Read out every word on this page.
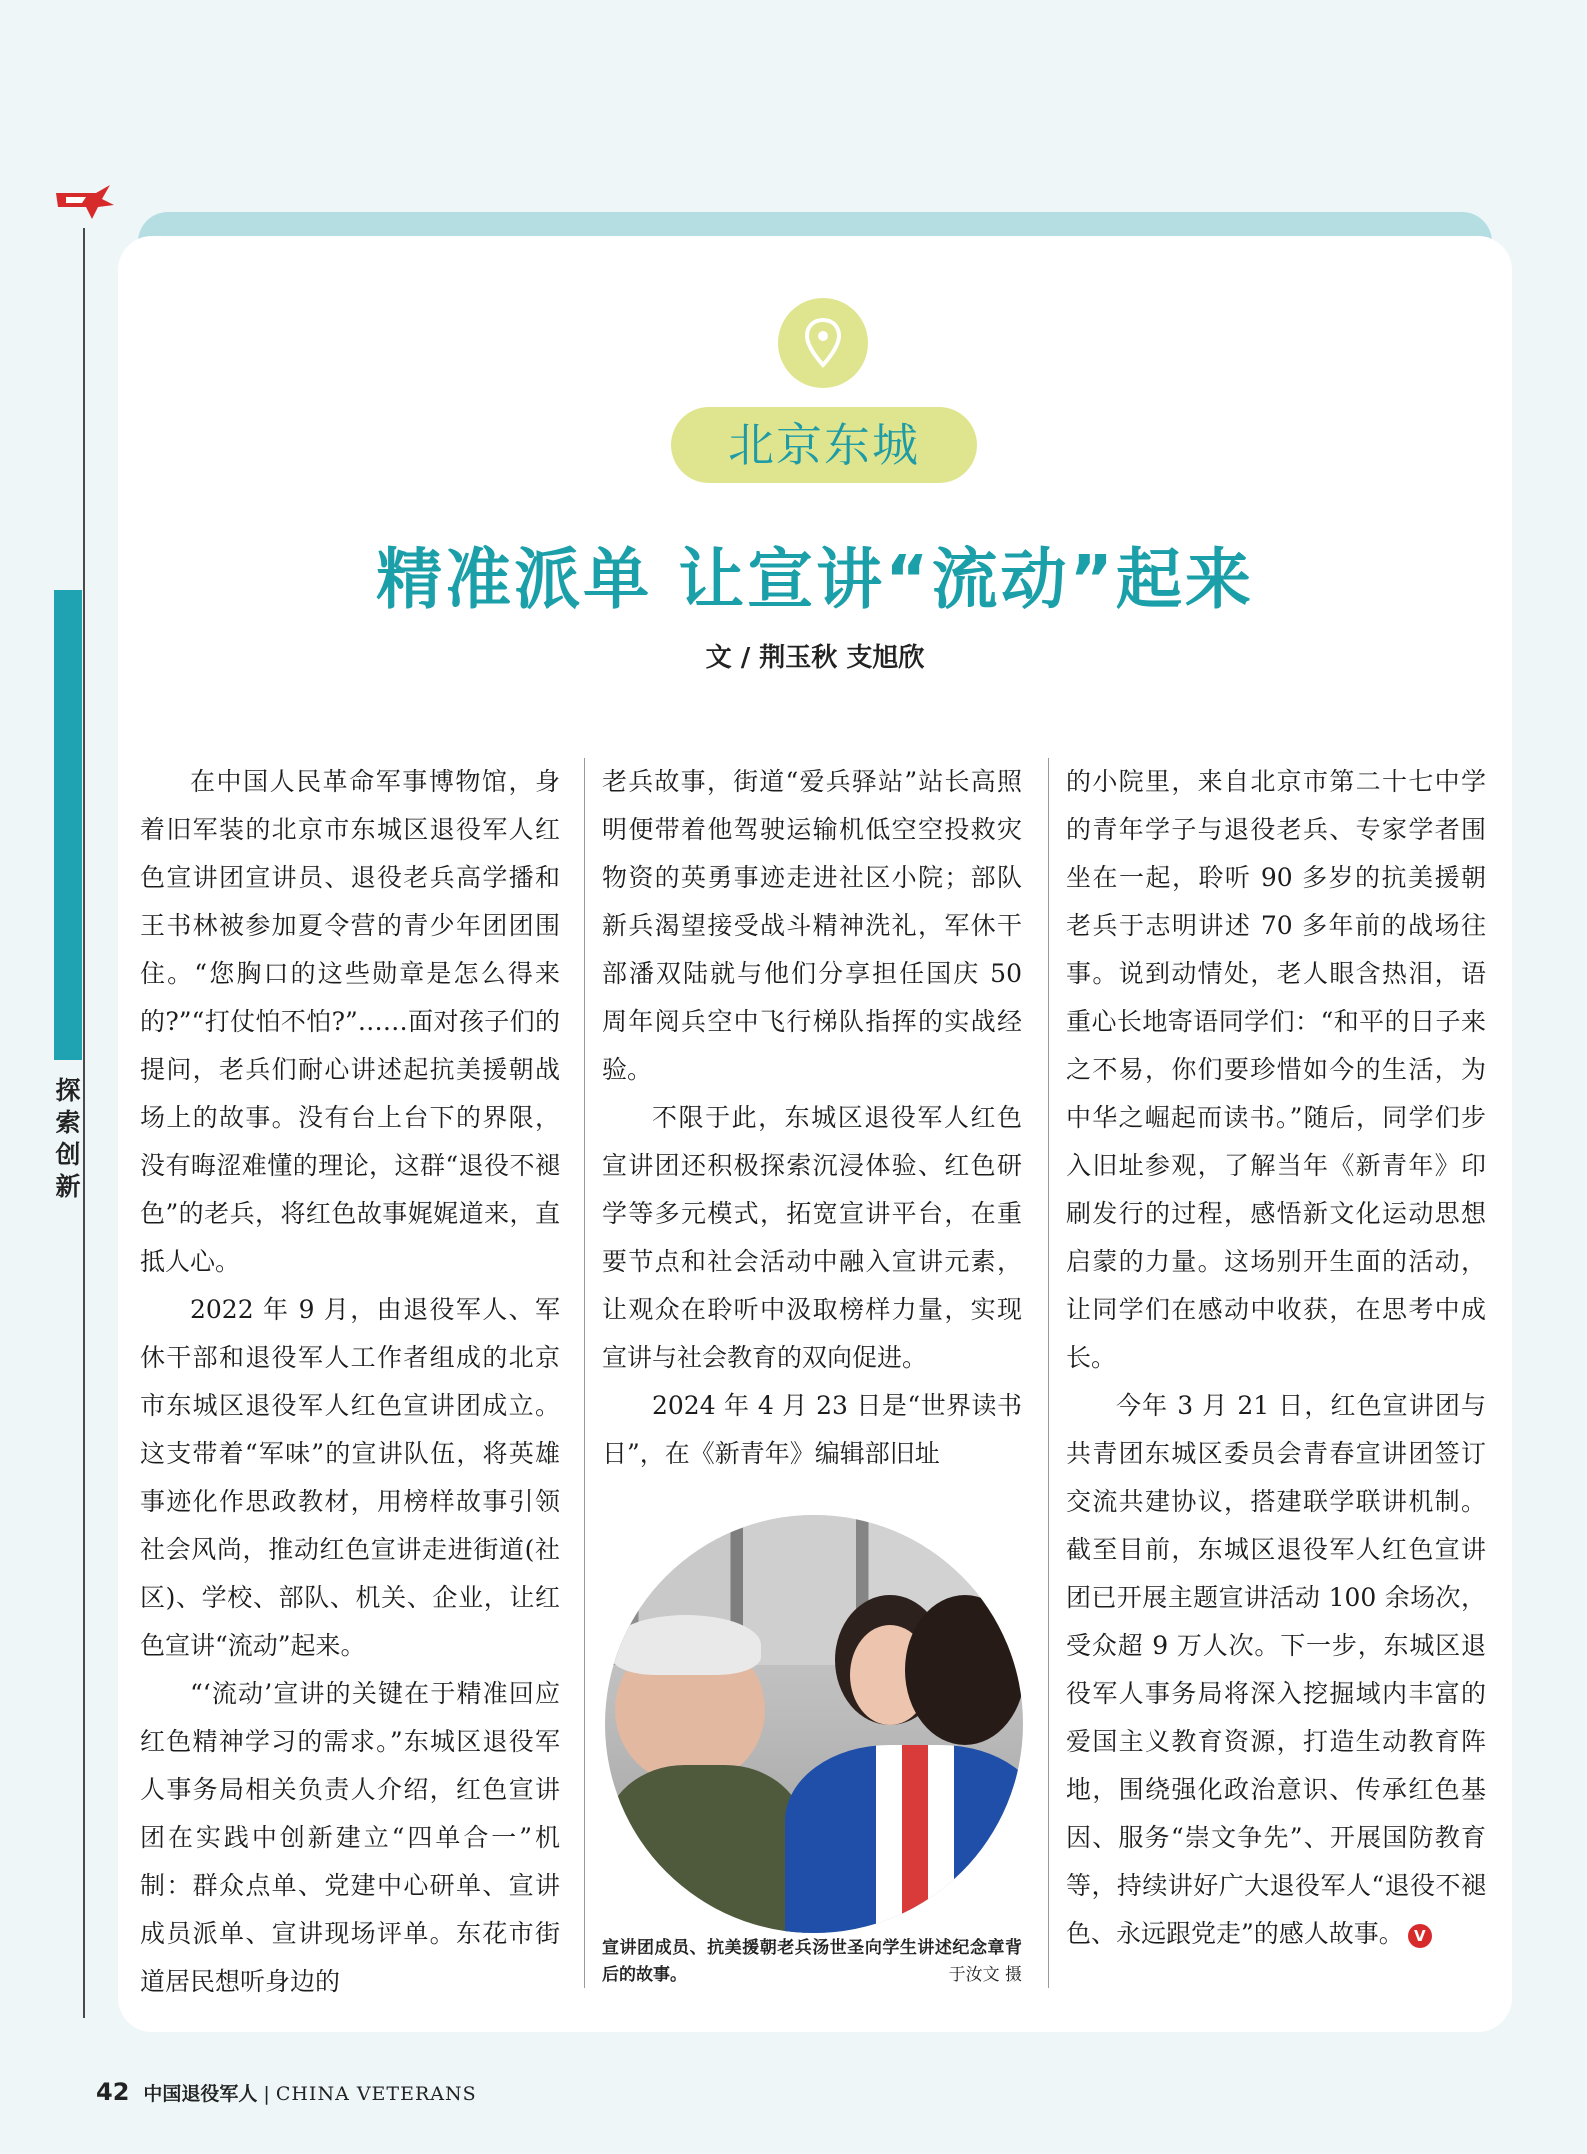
探
索
创
新
北京东城
精准派单 让宣讲“流动”起来
文 / 荆玉秋 支旭欣

在中国人民革命军事博物馆，身着旧军装的北京市东城区退役军人红色宣讲团宣讲员、退役老兵高学播和王书林被参加夏令营的青少年团团围住。“您胸口的这些勋章是怎么得来的?”“打仗怕不怕?”……面对孩子们的提问，老兵们耐心讲述起抗美援朝战场上的故事。没有台上台下的界限，没有晦涩难懂的理论，这群“退役不褪色”的老兵，将红色故事娓娓道来，直抵人心。

2022 年 9 月，由退役军人、军休干部和退役军人工作者组成的北京市东城区退役军人红色宣讲团成立。这支带着“军味”的宣讲队伍，将英雄事迹化作思政教材，用榜样故事引领社会风尚，推动红色宣讲走进街道(社区)、学校、部队、机关、企业，让红色宣讲“流动”起来。

“‘流动’宣讲的关键在于精准回应红色精神学习的需求。”东城区退役军人事务局相关负责人介绍，红色宣讲团在实践中创新建立“四单合一”机制：群众点单、党建中心研单、宣讲成员派单、宣讲现场评单。东花市街道居民想听身边的

老兵故事，街道“爱兵驿站”站长高照明便带着他驾驶运输机低空空投救灾物资的英勇事迹走进社区小院；部队新兵渴望接受战斗精神洗礼，军休干部潘双陆就与他们分享担任国庆 50 周年阅兵空中飞行梯队指挥的实战经验。

不限于此，东城区退役军人红色宣讲团还积极探索沉浸体验、红色研学等多元模式，拓宽宣讲平台，在重要节点和社会活动中融入宣讲元素，让观众在聆听中汲取榜样力量，实现宣讲与社会教育的双向促进。

2024 年 4 月 23 日是“世界读书日”，在《新青年》编辑部旧址

的小院里，来自北京市第二十七中学的青年学子与退役老兵、专家学者围坐在一起，聆听 90 多岁的抗美援朝老兵于志明讲述 70 多年前的战场往事。说到动情处，老人眼含热泪，语重心长地寄语同学们：“和平的日子来之不易，你们要珍惜如今的生活，为中华之崛起而读书。”随后，同学们步入旧址参观，了解当年《新青年》印刷发行的过程，感悟新文化运动思想启蒙的力量。这场别开生面的活动，让同学们在感动中收获，在思考中成长。

今年 3 月 21 日，红色宣讲团与共青团东城区委员会青春宣讲团签订交流共建协议，搭建联学联讲机制。截至目前，东城区退役军人红色宣讲团已开展主题宣讲活动 100 余场次，受众超 9 万人次。下一步，东城区退役军人事务局将深入挖掘域内丰富的爱国主义教育资源，打造生动教育阵地，围绕强化政治意识、传承红色基因、服务“崇文争先”、开展国防教育等，持续讲好广大退役军人“退役不褪色、永远跟党走”的感人故事。 V

宣讲团成员、抗美援朝老兵汤世圣向学生讲述纪念章背后的故事。	于汝文 摄
42 中国退役军人 | CHINA VETERANS
